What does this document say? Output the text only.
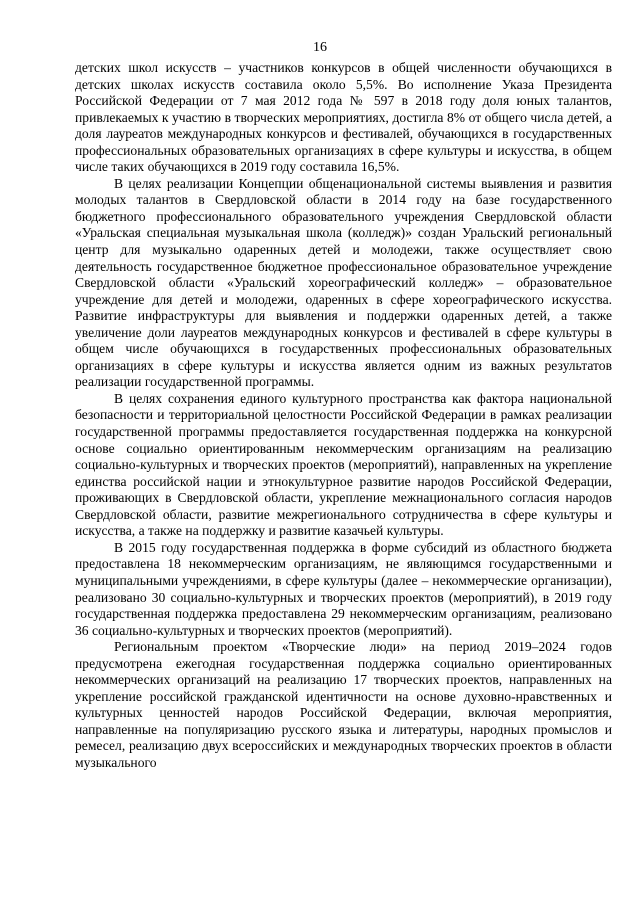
16

детских школ искусств – участников конкурсов в общей численности обучающихся в детских школах искусств составила около 5,5%. Во исполнение Указа Президента Российской Федерации от 7 мая 2012 года № 597 в 2018 году доля юных талантов, привлекаемых к участию в творческих мероприятиях, достигла 8% от общего числа детей, а доля лауреатов международных конкурсов и фестивалей, обучающихся в государственных профессиональных образовательных организациях в сфере культуры и искусства, в общем числе таких обучающихся в 2019 году составила 16,5%.

В целях реализации Концепции общенациональной системы выявления и развития молодых талантов в Свердловской области в 2014 году на базе государственного бюджетного профессионального образовательного учреждения Свердловской области «Уральская специальная музыкальная школа (колледж)» создан Уральский региональный центр для музыкально одаренных детей и молодежи, также осуществляет свою деятельность государственное бюджетное профессиональное образовательное учреждение Свердловской области «Уральский хореографический колледж» – образовательное учреждение для детей и молодежи, одаренных в сфере хореографического искусства. Развитие инфраструктуры для выявления и поддержки одаренных детей, а также увеличение доли лауреатов международных конкурсов и фестивалей в сфере культуры в общем числе обучающихся в государственных профессиональных образовательных организациях в сфере культуры и искусства является одним из важных результатов реализации государственной программы.

В целях сохранения единого культурного пространства как фактора национальной безопасности и территориальной целостности Российской Федерации в рамках реализации государственной программы предоставляется государственная поддержка на конкурсной основе социально ориентированным некоммерческим организациям на реализацию социально-культурных и творческих проектов (мероприятий), направленных на укрепление единства российской нации и этнокультурное развитие народов Российской Федерации, проживающих в Свердловской области, укрепление межнационального согласия народов Свердловской области, развитие межрегионального сотрудничества в сфере культуры и искусства, а также на поддержку и развитие казачьей культуры.

В 2015 году государственная поддержка в форме субсидий из областного бюджета предоставлена 18 некоммерческим организациям, не являющимся государственными и муниципальными учреждениями, в сфере культуры (далее – некоммерческие организации), реализовано 30 социально-культурных и творческих проектов (мероприятий), в 2019 году государственная поддержка предоставлена 29 некоммерческим организациям, реализовано 36 социально-культурных и творческих проектов (мероприятий).

Региональным проектом «Творческие люди» на период 2019–2024 годов предусмотрена ежегодная государственная поддержка социально ориентированных некоммерческих организаций на реализацию 17 творческих проектов, направленных на укрепление российской гражданской идентичности на основе духовно-нравственных и культурных ценностей народов Российской Федерации, включая мероприятия, направленные на популяризацию русского языка и литературы, народных промыслов и ремесел, реализацию двух всероссийских и международных творческих проектов в области музыкального
